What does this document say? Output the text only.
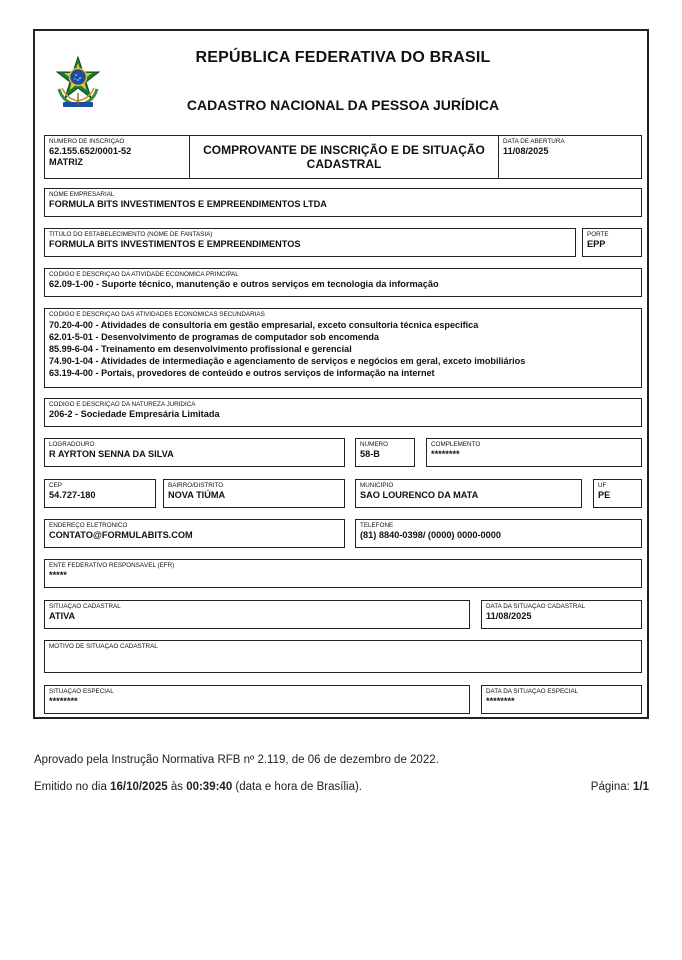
REPÚBLICA FEDERATIVA DO BRASIL
CADASTRO NACIONAL DA PESSOA JURÍDICA
NÚMERO DE INSCRIÇÃO
62.155.652/0001-52
MATRIZ
COMPROVANTE DE INSCRIÇÃO E DE SITUAÇÃO CADASTRAL
DATA DE ABERTURA
11/08/2025
NOME EMPRESARIAL
FORMULA BITS INVESTIMENTOS E EMPREENDIMENTOS LTDA
TÍTULO DO ESTABELECIMENTO (NOME DE FANTASIA)
FORMULA BITS INVESTIMENTOS E EMPREENDIMENTOS
PORTE
EPP
CÓDIGO E DESCRIÇÃO DA ATIVIDADE ECONÔMICA PRINCIPAL
62.09-1-00 - Suporte técnico, manutenção e outros serviços em tecnologia da informação
CÓDIGO E DESCRIÇÃO DAS ATIVIDADES ECONÔMICAS SECUNDÁRIAS
70.20-4-00 - Atividades de consultoria em gestão empresarial, exceto consultoria técnica específica
62.01-5-01 - Desenvolvimento de programas de computador sob encomenda
85.99-6-04 - Treinamento em desenvolvimento profissional e gerencial
74.90-1-04 - Atividades de intermediação e agenciamento de serviços e negócios em geral, exceto imobiliários
63.19-4-00 - Portais, provedores de conteúdo e outros serviços de informação na internet
CÓDIGO E DESCRIÇÃO DA NATUREZA JURÍDICA
206-2 - Sociedade Empresária Limitada
LOGRADOURO
R AYRTON SENNA DA SILVA
NÚMERO
58-B
COMPLEMENTO
********
CEP
54.727-180
BAIRRO/DISTRITO
NOVA TIÚMA
MUNICÍPIO
SAO LOURENCO DA MATA
UF
PE
ENDEREÇO ELETRÔNICO
CONTATO@FORMULABITS.COM
TELEFONE
(81) 8840-0398/ (0000) 0000-0000
ENTE FEDERATIVO RESPONSÁVEL (EFR)
*****
SITUAÇÃO CADASTRAL
ATIVA
DATA DA SITUAÇÃO CADASTRAL
11/08/2025
MOTIVO DE SITUAÇÃO CADASTRAL
SITUAÇÃO ESPECIAL
********
DATA DA SITUAÇÃO ESPECIAL
********
Aprovado pela Instrução Normativa RFB nº 2.119, de 06 de dezembro de 2022.
Emitido no dia 16/10/2025 às 00:39:40 (data e hora de Brasília).	Página: 1/1
